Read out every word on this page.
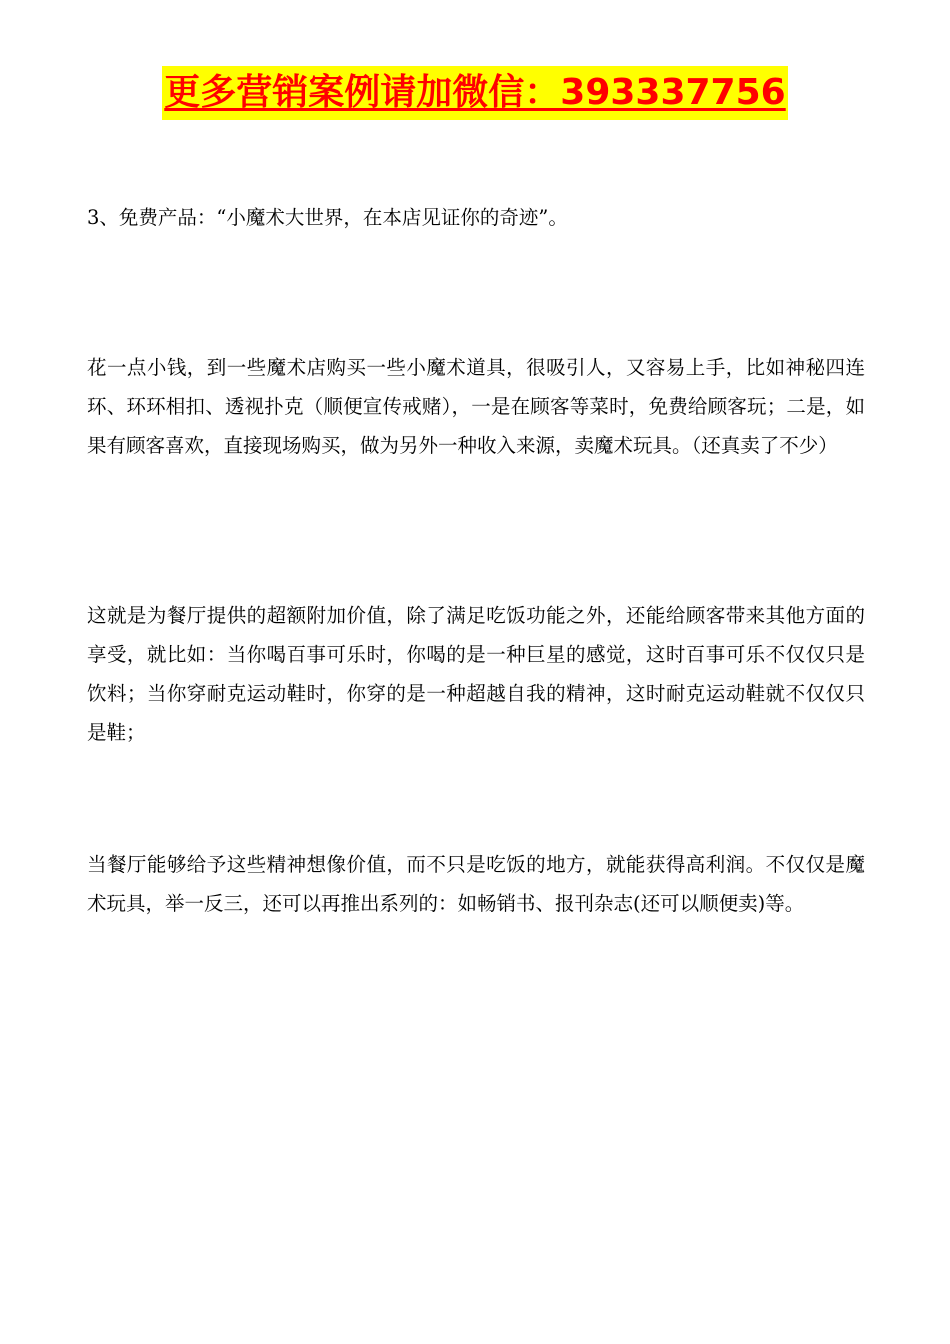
更多营销案例请加微信：393337756
3、免费产品：“小魔术大世界，在本店见证你的奇迹”。

花一点小钱，到一些魔术店购买一些小魔术道具，很吸引人，又容易上手，比如神秘四连环、环环相扣、透视扑克（顺便宣传戒赌），一是在顾客等菜时，免费给顾客玩；二是，如果有顾客喜欢，直接现场购买，做为另外一种收入来源，卖魔术玩具。（还真卖了不少）

这就是为餐厅提供的超额附加价值，除了满足吃饭功能之外，还能给顾客带来其他方面的享受，就比如：当你喝百事可乐时，你喝的是一种巨星的感觉，这时百事可乐不仅仅只是饮料；当你穿耐克运动鞋时，你穿的是一种超越自我的精神，这时耐克运动鞋就不仅仅只是鞋；

当餐厅能够给予这些精神想像价值，而不只是吃饭的地方，就能获得高利润。不仅仅是魔术玩具，举一反三，还可以再推出系列的：如畅销书、报刊杂志(还可以顺便卖)等。
